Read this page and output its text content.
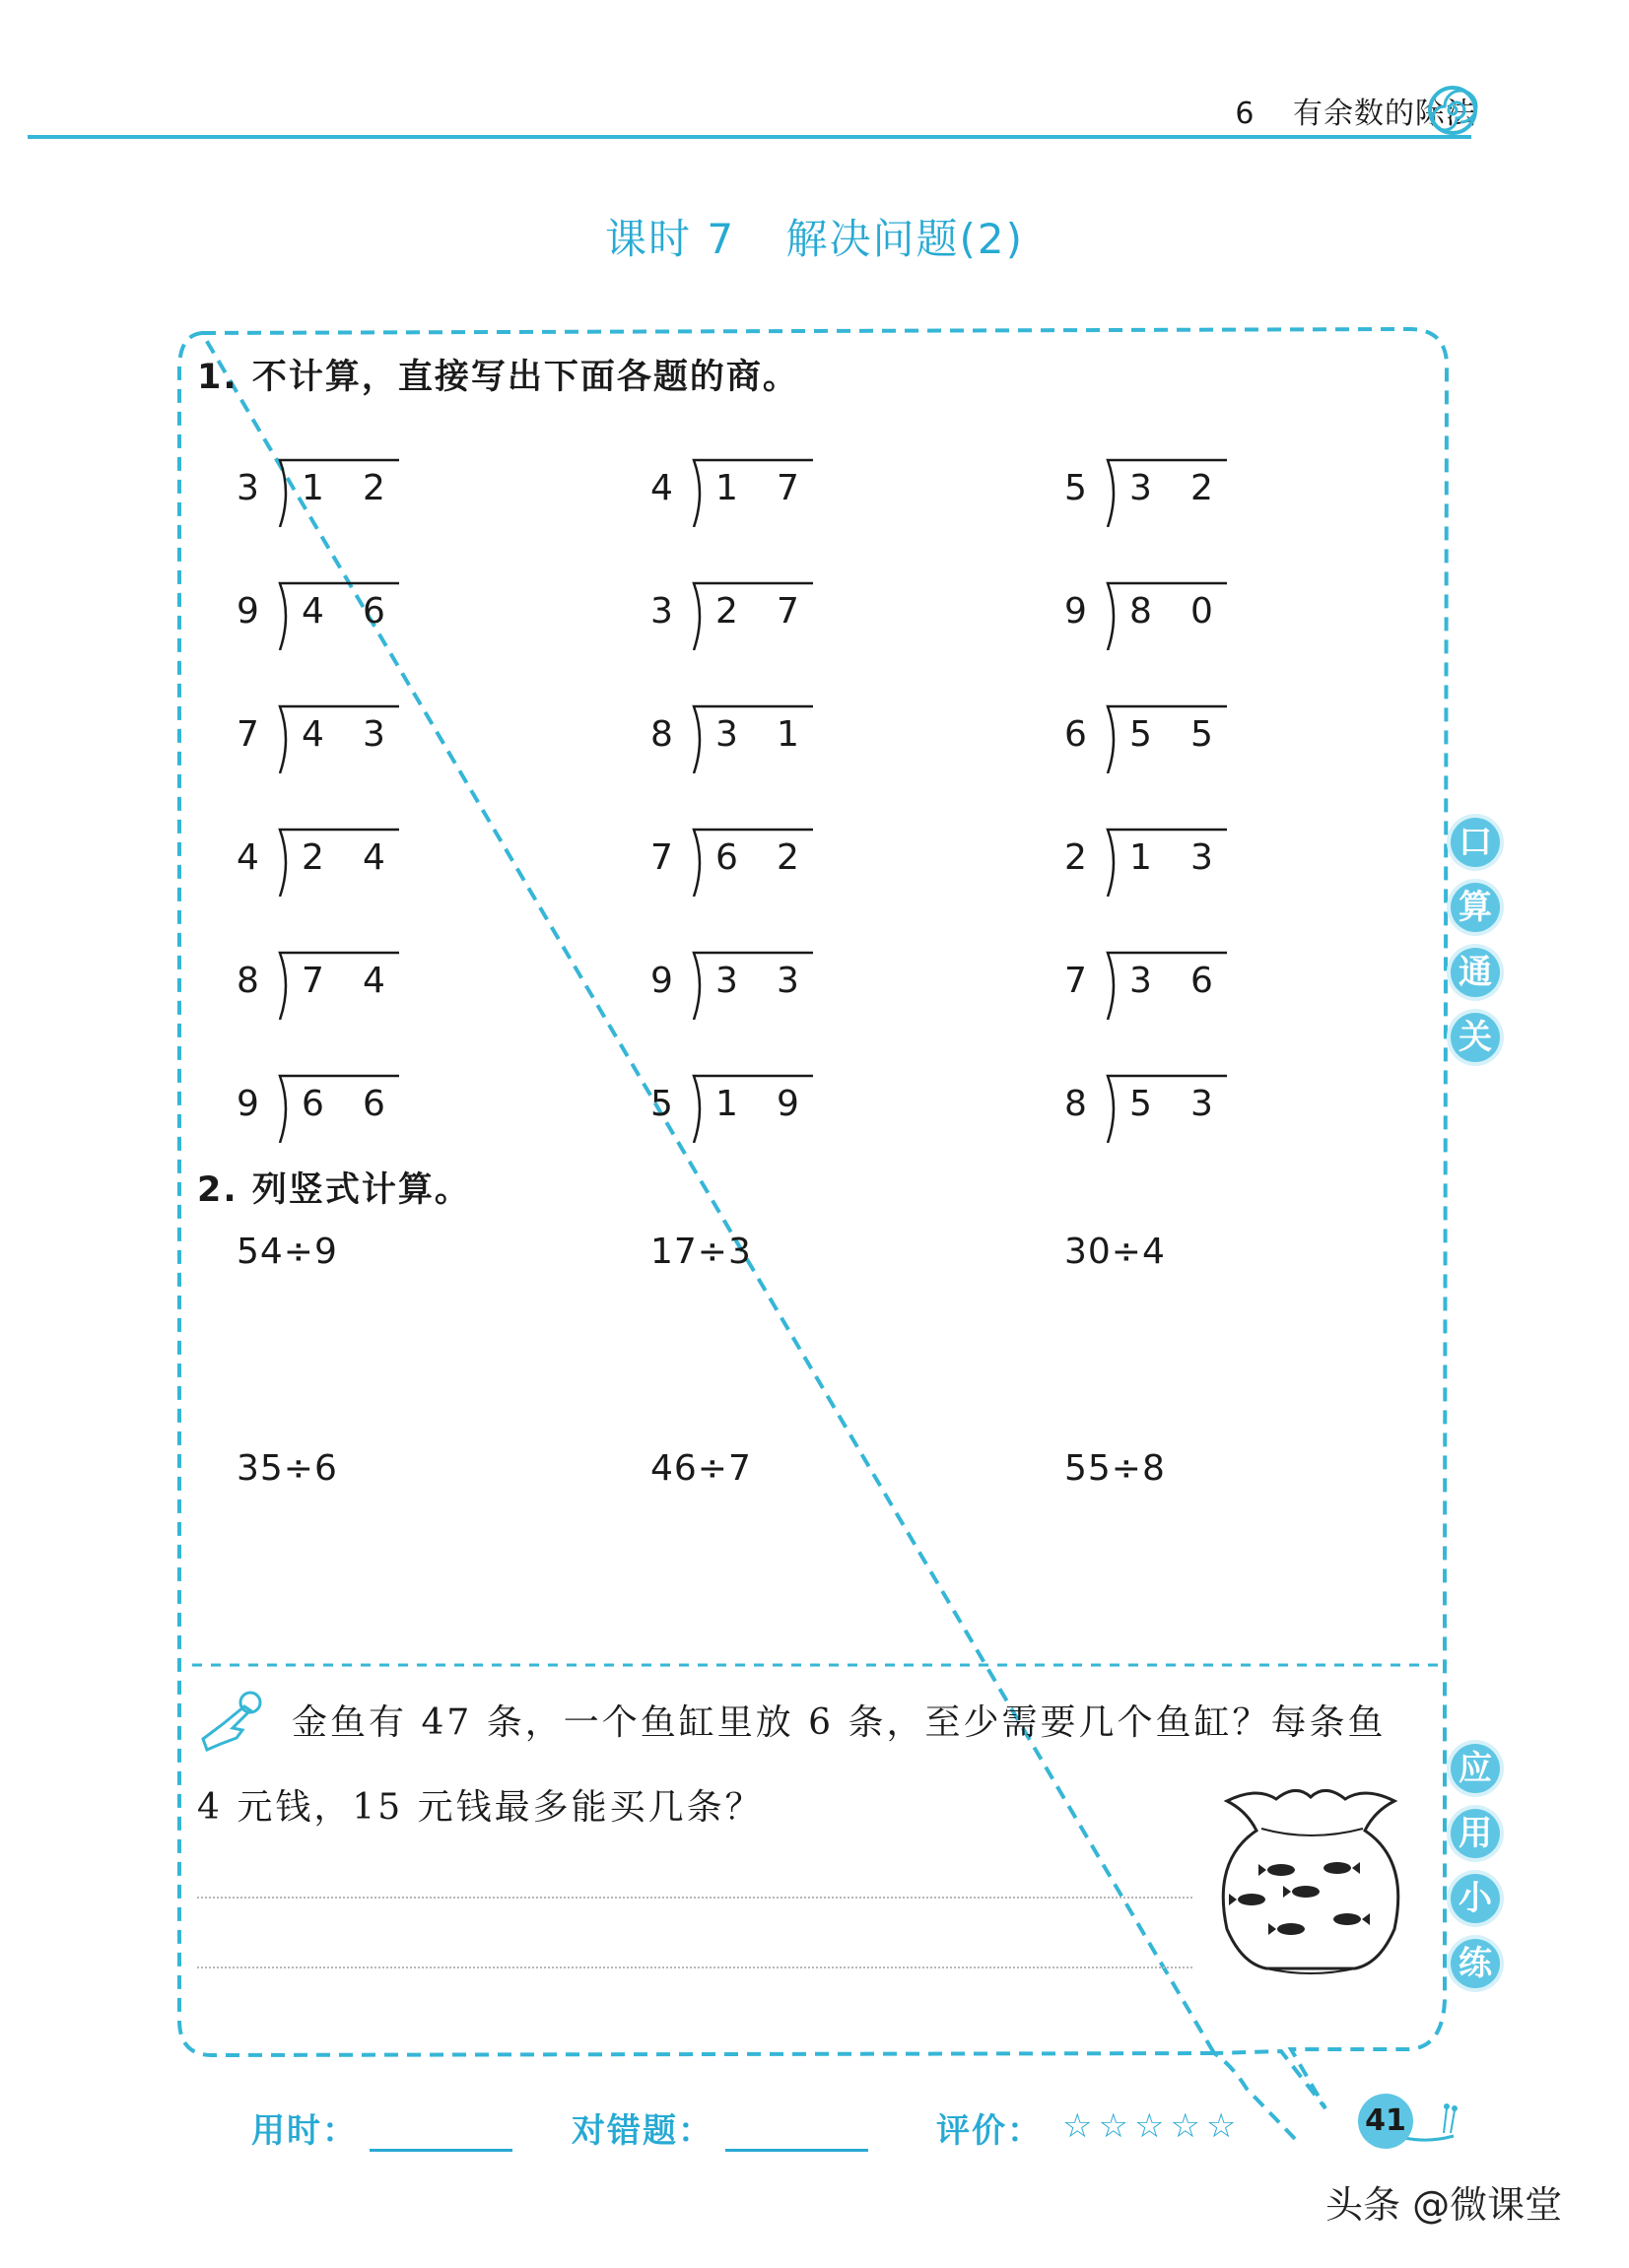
6 有余数的除法
课时 7 解决问题(2)
1. 不计算，直接写出下面各题的商。
3 1 2	4 1 7	5 3 2
9 4 6	3 2 7	9 8 0
7 4 3	8 3 1	6 5 5
4 2 4	7 6 2	2 1 3
8 7 4	9 3 3	7 3 6
9 6 6	5 1 9	8 5 3
2. 列竖式计算。
54÷9	17÷3	30÷4
35÷6	46÷7	55÷8
金鱼有 47 条，一个鱼缸里放 6 条，至少需要几个鱼缸？每条鱼
4 元钱，15 元钱最多能买几条？
口
算
通
关
应
用
小
练
用时：	对错题：	评价： ☆☆☆☆☆	41
头条 @微课堂
